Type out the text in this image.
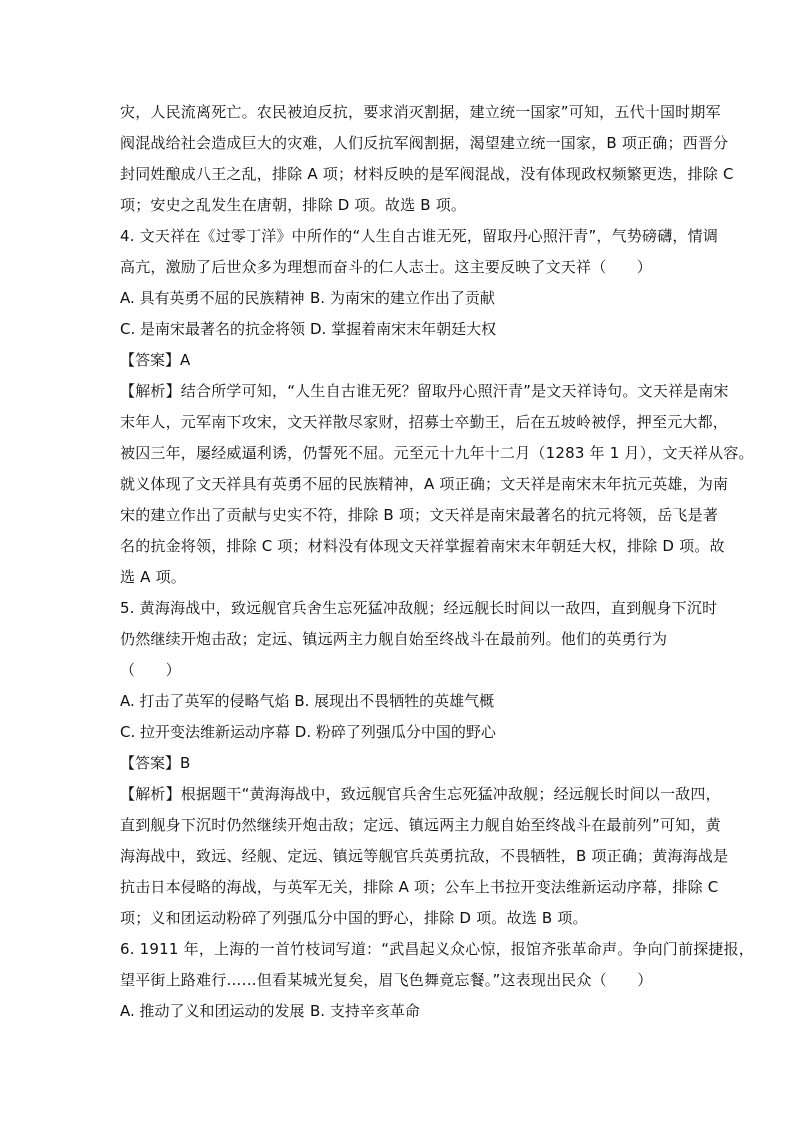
灾，人民流离死亡。农民被迫反抗，要求消灭割据，建立统一国家”可知，五代十国时期军
阀混战给社会造成巨大的灾难，人们反抗军阀割据，渴望建立统一国家，B 项正确；西晋分
封同姓酿成八王之乱，排除 A 项；材料反映的是军阀混战，没有体现政权频繁更迭，排除 C
项；安史之乱发生在唐朝，排除 D 项。故选 B 项。
4. 文天祥在《过零丁洋》中所作的“人生自古谁无死，留取丹心照汗青”，气势磅礴，情调
高亢，激励了后世众多为理想而奋斗的仁人志士。这主要反映了文天祥（　　）
A. 具有英勇不屈的民族精神 B. 为南宋的建立作出了贡献
C. 是南宋最著名的抗金将领 D. 掌握着南宋末年朝廷大权
【答案】A
【解析】结合所学可知，“人生自古谁无死？留取丹心照汗青”是文天祥诗句。文天祥是南宋
末年人，元军南下攻宋，文天祥散尽家财，招募士卒勤王，后在五坡岭被俘，押至元大都，
被囚三年，屡经威逼利诱，仍誓死不屈。元至元十九年十二月（1283 年 1 月），文天祥从容。
就义体现了文天祥具有英勇不屈的民族精神，A 项正确；文天祥是南宋末年抗元英雄，为南
宋的建立作出了贡献与史实不符，排除 B 项；文天祥是南宋最著名的抗元将领，岳飞是著
名的抗金将领，排除 C 项；材料没有体现文天祥掌握着南宋末年朝廷大权，排除 D 项。故
选 A 项。
5. 黄海海战中，致远舰官兵舍生忘死猛冲敌舰；经远舰长时间以一敌四，直到舰身下沉时
仍然继续开炮击敌；定远、镇远两主力舰自始至终战斗在最前列。他们的英勇行为
（　　）
A. 打击了英军的侵略气焰 B. 展现出不畏牺牲的英雄气概
C. 拉开变法维新运动序幕 D. 粉碎了列强瓜分中国的野心
【答案】B
【解析】根据题干“黄海海战中，致远舰官兵舍生忘死猛冲敌舰；经远舰长时间以一敌四，
直到舰身下沉时仍然继续开炮击敌；定远、镇远两主力舰自始至终战斗在最前列”可知，黄
海海战中，致远、经舰、定远、镇远等舰官兵英勇抗敌，不畏牺牲，B 项正确；黄海海战是
抗击日本侵略的海战，与英军无关，排除 A 项；公车上书拉开变法维新运动序幕，排除 C
项；义和团运动粉碎了列强瓜分中国的野心，排除 D 项。故选 B 项。
6. 1911 年，上海的一首竹枝词写道：“武昌起义众心惊，报馆齐张革命声。争向门前探捷报，
望平街上路难行……但看某城光复矣，眉飞色舞竟忘餐。”这表现出民众（　　）
A. 推动了义和团运动的发展 B. 支持辛亥革命
